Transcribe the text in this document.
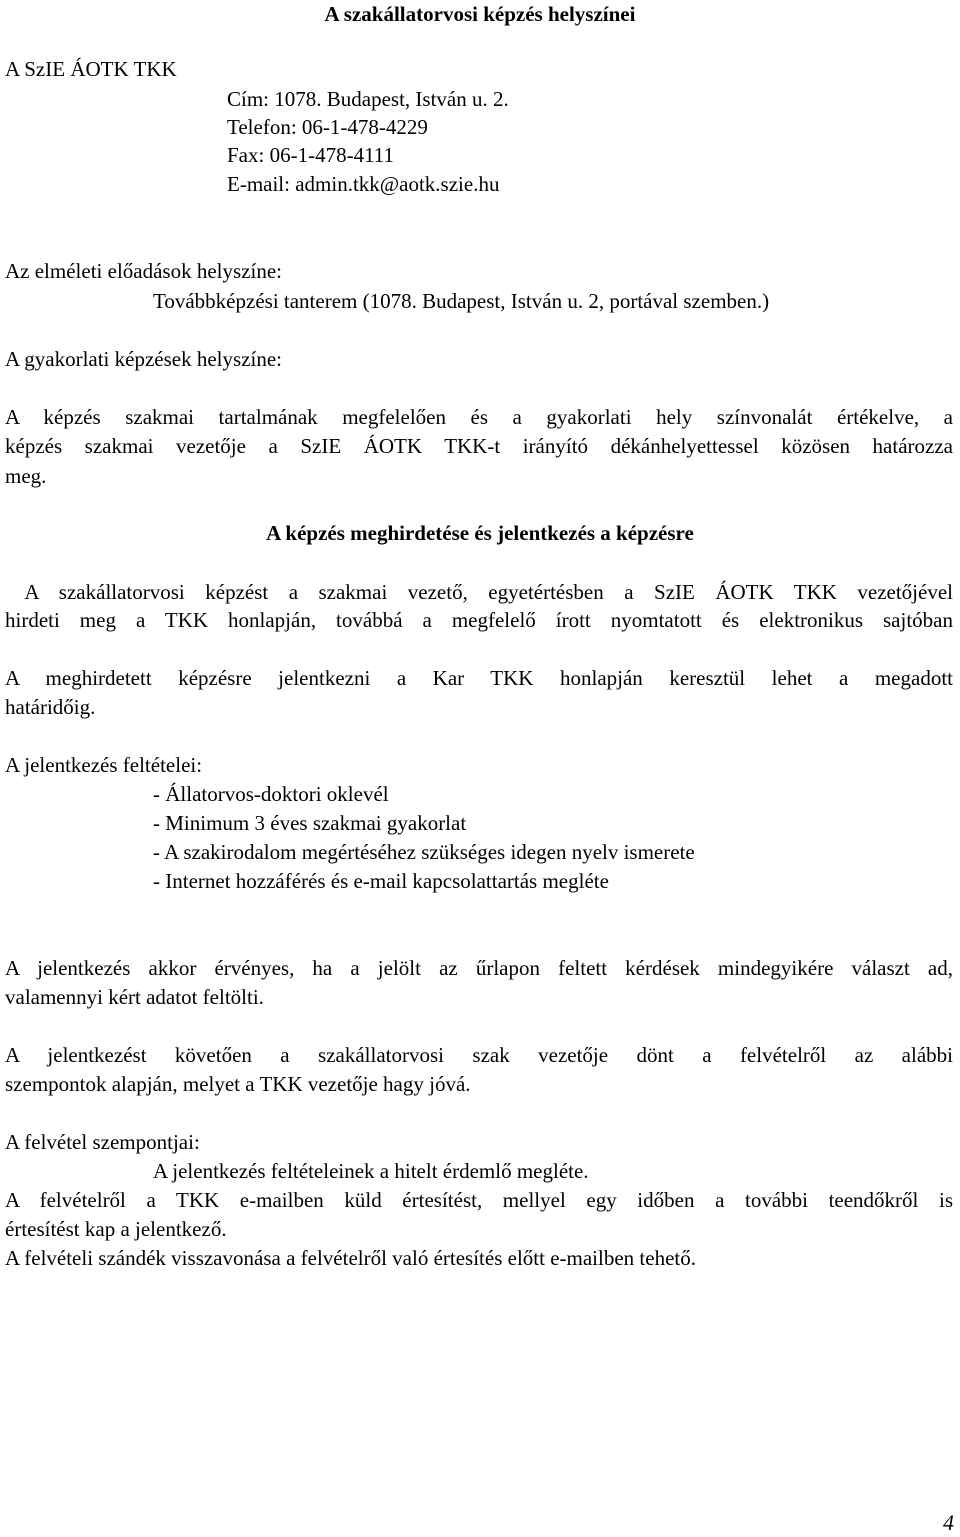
A szakállatorvosi képzés helyszínei

A SzIE ÁOTK TKK

Cím: 1078. Budapest, István u. 2.

Telefon: 06-1-478-4229

Fax: 06-1-478-4111

E-mail: admin.tkk@aotk.szie.hu

Az elméleti előadások helyszíne:

Továbbképzési tanterem (1078. Budapest, István u. 2, portával szemben.)

A gyakorlati képzések helyszíne:

A képzés szakmai tartalmának megfelelően és a gyakorlati hely színvonalát értékelve, a

képzés szakmai vezetője a SzIE ÁOTK TKK-t irányító dékánhelyettessel közösen határozza

meg.

A képzés meghirdetése és jelentkezés a képzésre

A szakállatorvosi képzést a szakmai vezető, egyetértésben a SzIE ÁOTK TKK vezetőjével

hirdeti meg a TKK honlapján, továbbá a megfelelő írott nyomtatott és elektronikus sajtóban

A meghirdetett képzésre jelentkezni a Kar TKK honlapján keresztül lehet a megadott

határidőig.

A jelentkezés feltételei:

- Állatorvos-doktori oklevél

- Minimum 3 éves szakmai gyakorlat

- A szakirodalom megértéséhez szükséges idegen nyelv ismerete

- Internet hozzáférés és e-mail kapcsolattartás megléte

A jelentkezés akkor érvényes, ha a jelölt az űrlapon feltett kérdések mindegyikére választ ad,

valamennyi kért adatot feltölti.

A jelentkezést követően a szakállatorvosi szak vezetője dönt a felvételről az alábbi

szempontok alapján, melyet a TKK vezetője hagy jóvá.

A felvétel szempontjai:

A jelentkezés feltételeinek a hitelt érdemlő megléte.

A felvételről a TKK e-mailben küld értesítést, mellyel egy időben a további teendőkről is

értesítést kap a jelentkező.

A felvételi szándék visszavonása a felvételről való értesítés előtt e-mailben tehető.

4
